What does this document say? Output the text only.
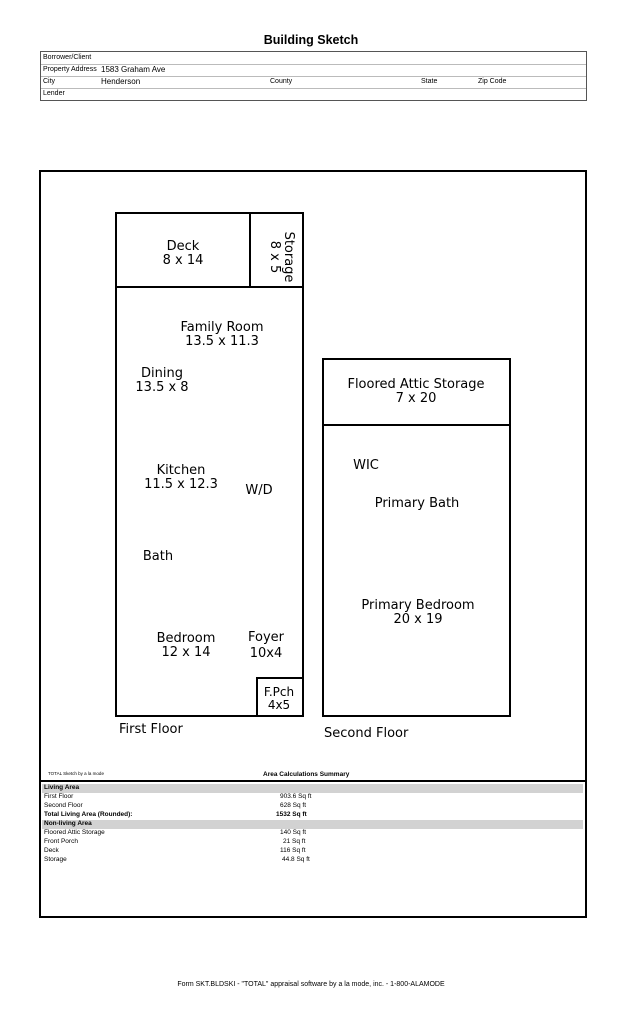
Building Sketch
Borrower/Client
Property Address 1583 Graham Ave
City	Henderson	County	State	Zip Code
Lender
Deck
8 x 14	Storage
8 x 5
Family Room
13.5 x 11.3
Dining
13.5 x 8
Kitchen
11.5 x 12.3	W/D
Bath
Bedroom
12 x 14
Foyer
10x4
F.Pch
4x5
First Floor
Floored Attic Storage
7 x 20
WIC
Primary Bath
Primary Bedroom
20 x 19
Second Floor
TOTAL Sketch by a la mode	Area Calculations Summary
Living Area
First Floor	903.6 Sq ft
Second Floor	628 Sq ft
Total Living Area (Rounded):	1532 Sq ft
Non-living Area
Floored Attic Storage	140 Sq ft
Front Porch	21 Sq ft
Deck	116 Sq ft
Storage	44.8 Sq ft
Form SKT.BLDSKI - "TOTAL" appraisal software by a la mode, inc. - 1-800-ALAMODE
